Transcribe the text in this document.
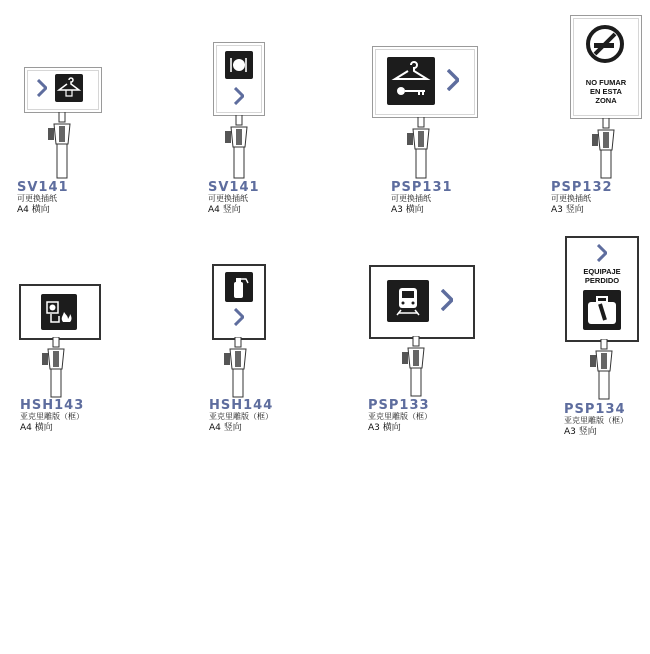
SV141
可更换插纸
A4 横向
SV141
可更换插纸
A4 竖向
PSP131
可更换插纸
A3 横向
NO FUMAR
EN ESTA
ZONA
PSP132
可更换插纸
A3 竖向
HSH143
亚克里雕版（框）
A4 横向
HSH144
亚克里雕版（框）
A4 竖向
PSP133
亚克里雕版（框）
A3 横向
EQUIPAJE
PERDIDO
PSP134
亚克里雕版（框）
A3 竖向
